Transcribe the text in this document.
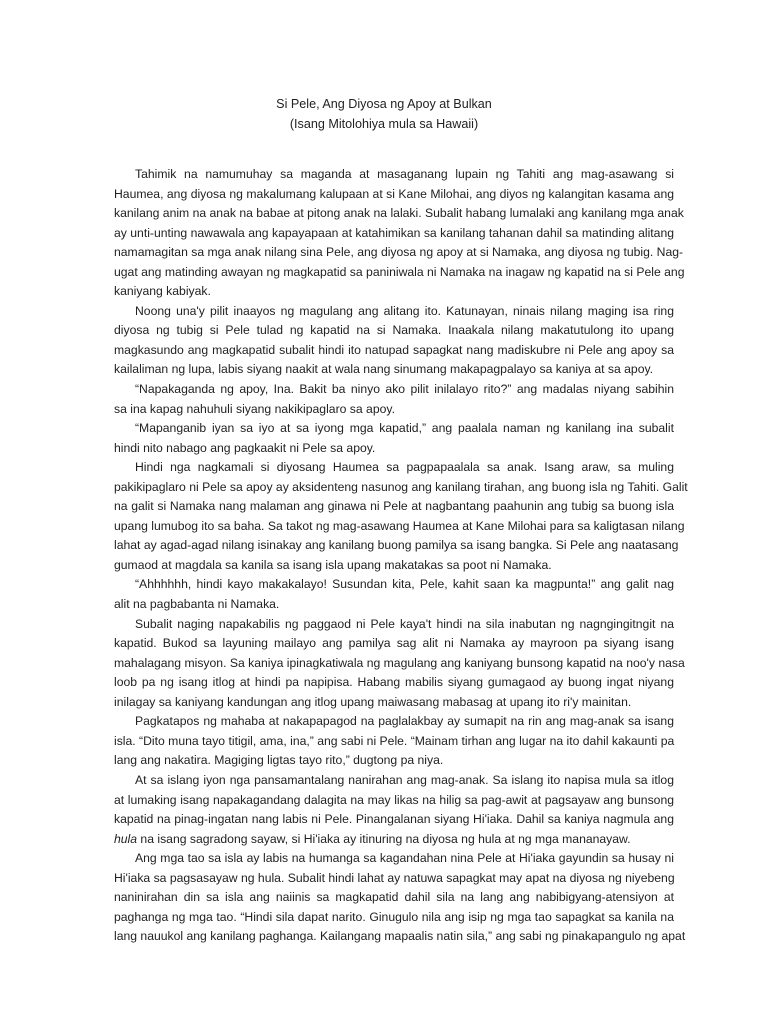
Si Pele, Ang Diyosa ng Apoy at Bulkan
(Isang Mitolohiya mula sa Hawaii)
Tahimik na namumuhay sa maganda at masaganang lupain ng Tahiti ang mag-asawang si
Haumea, ang diyosa ng makalumang kalupaan at si Kane Milohai, ang diyos ng kalangitan kasama ang
kanilang anim na anak na babae at pitong anak na lalaki. Subalit habang lumalaki ang kanilang mga anak
ay unti-unting nawawala ang kapayapaan at katahimikan sa kanilang tahanan dahil sa matinding alitang
namamagitan sa mga anak nilang sina Pele, ang diyosa ng apoy at si Namaka, ang diyosa ng tubig. Nag-
ugat ang matinding awayan ng magkapatid sa paniniwala ni Namaka na inagaw ng kapatid na si Pele ang
kaniyang kabiyak.
Noong una'y pilit inaayos ng magulang ang alitang ito. Katunayan, ninais nilang maging isa ring
diyosa ng tubig si Pele tulad ng kapatid na si Namaka. Inaakala nilang makatutulong ito upang
magkasundo ang magkapatid subalit hindi ito natupad sapagkat nang madiskubre ni Pele ang apoy sa
kailaliman ng lupa, labis siyang naakit at wala nang sinumang makapagpalayo sa kaniya at sa apoy.
“Napakaganda ng apoy, Ina. Bakit ba ninyo ako pilit inilalayo rito?” ang madalas niyang sabihin
sa ina kapag nahuhuli siyang nakikipaglaro sa apoy.
“Mapanganib iyan sa iyo at sa iyong mga kapatid,” ang paalala naman ng kanilang ina subalit
hindi nito nabago ang pagkaakit ni Pele sa apoy.
Hindi nga nagkamali si diyosang Haumea sa pagpapaalala sa anak. Isang araw, sa muling
pakikipaglaro ni Pele sa apoy ay aksidenteng nasunog ang kanilang tirahan, ang buong isla ng Tahiti. Galit
na galit si Namaka nang malaman ang ginawa ni Pele at nagbantang paahunin ang tubig sa buong isla
upang lumubog ito sa baha. Sa takot ng mag-asawang Haumea at Kane Milohai para sa kaligtasan nilang
lahat ay agad-agad nilang isinakay ang kanilang buong pamilya sa isang bangka. Si Pele ang naatasang
gumaod at magdala sa kanila sa isang isla upang makatakas sa poot ni Namaka.
“Ahhhhhh, hindi kayo makakalayo! Susundan kita, Pele, kahit saan ka magpunta!” ang galit nag
alit na pagbabanta ni Namaka.
Subalit naging napakabilis ng paggaod ni Pele kaya't hindi na sila inabutan ng nagngingitngit na
kapatid. Bukod sa layuning mailayo ang pamilya sag alit ni Namaka ay mayroon pa siyang isang
mahalagang misyon. Sa kaniya ipinagkatiwala ng magulang ang kaniyang bunsong kapatid na noo'y nasa
loob pa ng isang itlog at hindi pa napipisa. Habang mabilis siyang gumagaod ay buong ingat niyang
inilagay sa kaniyang kandungan ang itlog upang maiwasang mabasag at upang ito ri'y mainitan.
Pagkatapos ng mahaba at nakapapagod na paglalakbay ay sumapit na rin ang mag-anak sa isang
isla. “Dito muna tayo titigil, ama, ina,” ang sabi ni Pele. “Mainam tirhan ang lugar na ito dahil kakaunti pa
lang ang nakatira. Magiging ligtas tayo rito,” dugtong pa niya.
At sa islang iyon nga pansamantalang nanirahan ang mag-anak. Sa islang ito napisa mula sa itlog
at lumaking isang napakagandang dalagita na may likas na hilig sa pag-awit at pagsayaw ang bunsong
kapatid na pinag-ingatan nang labis ni Pele. Pinangalanan siyang Hi'iaka. Dahil sa kaniya nagmula ang
hula na isang sagradong sayaw, si Hi'iaka ay itinuring na diyosa ng hula at ng mga mananayaw.
Ang mga tao sa isla ay labis na humanga sa kagandahan nina Pele at Hi'iaka gayundin sa husay ni
Hi'iaka sa pagsasayaw ng hula. Subalit hindi lahat ay natuwa sapagkat may apat na diyosa ng niyebeng
naninirahan din sa isla ang naiinis sa magkapatid dahil sila na lang ang nabibigyang-atensiyon at
paghanga ng mga tao. “Hindi sila dapat narito. Ginugulo nila ang isip ng mga tao sapagkat sa kanila na
lang nauukol ang kanilang paghanga. Kailangang mapaalis natin sila,” ang sabi ng pinakapangulo ng apat
